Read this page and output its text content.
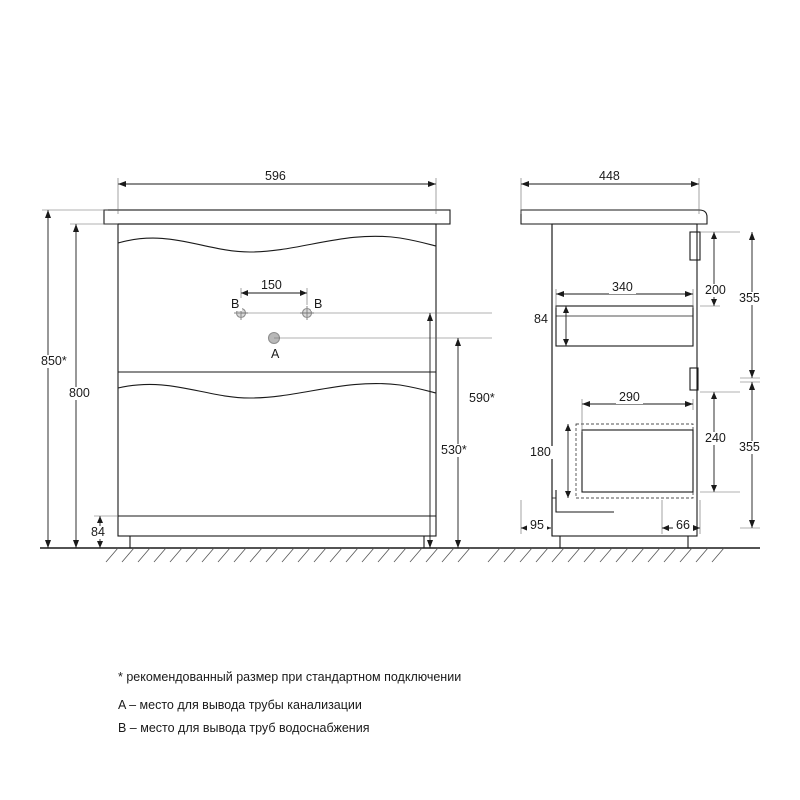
596
150
B	B
A
850*
800
84
590*
530*
448
340
84
200
355
290
180
240
355
95	66
* рекомендованный размер при стандартном подключении
A – место для вывода трубы канализации
B – место для вывода труб водоснабжения
